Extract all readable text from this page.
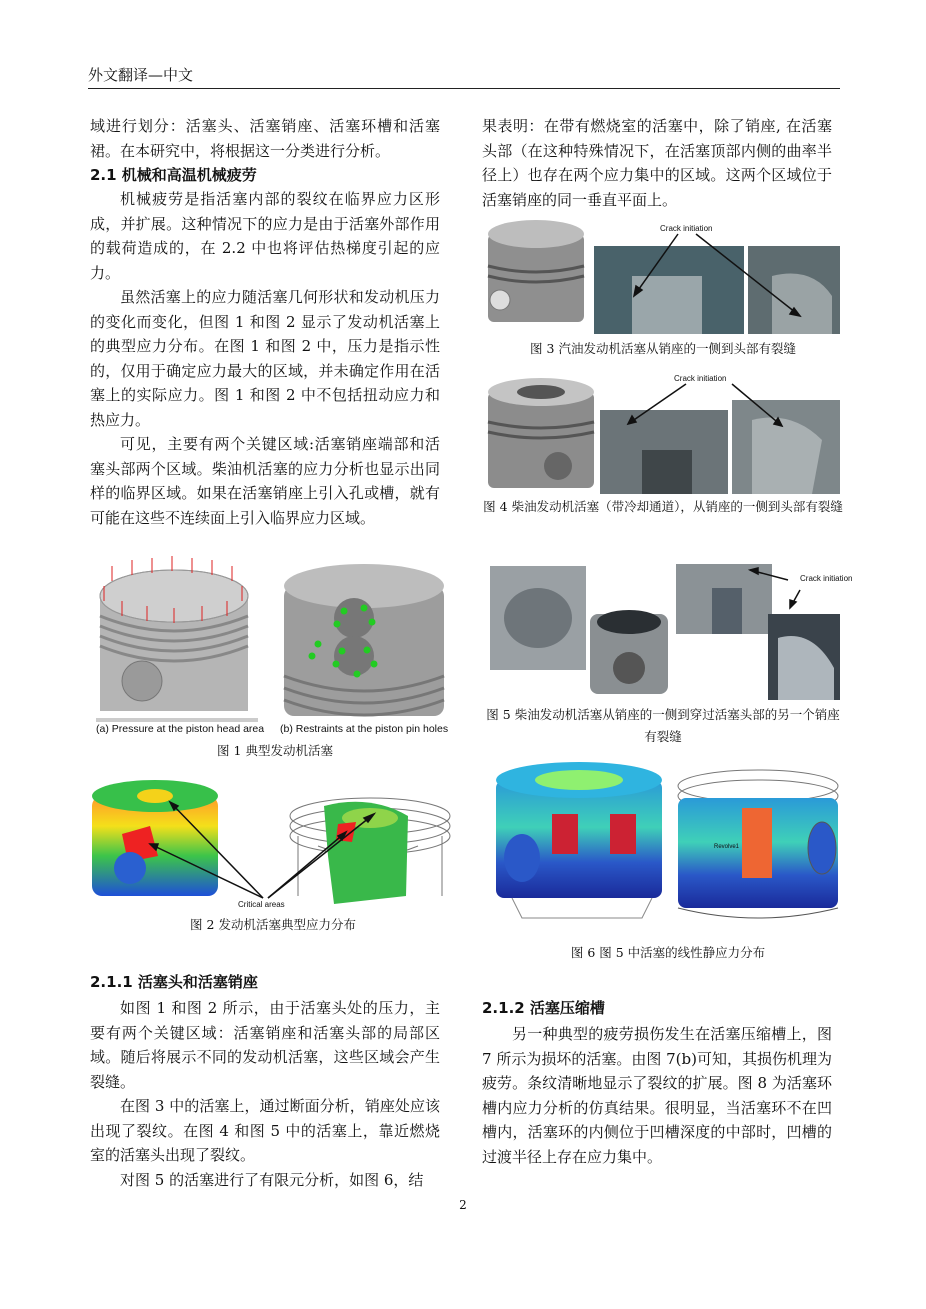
外文翻译—中文

域进行划分：活塞头、活塞销座、活塞环槽和活塞裙。在本研究中，将根据这一分类进行分析。

2.1 机械和高温机械疲劳

机械疲劳是指活塞内部的裂纹在临界应力区形成，并扩展。这种情况下的应力是由于活塞外部作用的载荷造成的，在 2.2 中也将评估热梯度引起的应力。

虽然活塞上的应力随活塞几何形状和发动机压力的变化而变化，但图 1 和图 2 显示了发动机活塞上的典型应力分布。在图 1 和图 2 中，压力是指示性的，仅用于确定应力最大的区域，并未确定作用在活塞上的实际应力。图 1 和图 2 中不包括扭动应力和热应力。

可见，主要有两个关键区域:活塞销座端部和活塞头部两个区域。柴油机活塞的应力分析也显示出同样的临界区域。如果在活塞销座上引入孔或槽，就有可能在这些不连续面上引入临界应力区域。

(a) Pressure at the piston head area (b) Restraints at the piston pin holes
图 1 典型发动机活塞
Critical areas
图 2 发动机活塞典型应力分布
2.1.1 活塞头和活塞销座

如图 1 和图 2 所示，由于活塞头处的压力，主要有两个关键区域：活塞销座和活塞头部的局部区域。随后将展示不同的发动机活塞，这些区域会产生裂缝。

在图 3 中的活塞上，通过断面分析，销座处应该出现了裂纹。在图 4 和图 5 中的活塞上，靠近燃烧室的活塞头出现了裂纹。

对图 5 的活塞进行了有限元分析，如图 6，结

果表明：在带有燃烧室的活塞中，除了销座, 在活塞头部（在这种特殊情况下，在活塞顶部内侧的曲率半径上）也存在两个应力集中的区域。这两个区域位于活塞销座的同一垂直平面上。

Crack initiation
图 3 汽油发动机活塞从销座的一侧到头部有裂缝
Crack initiation
图 4 柴油发动机活塞（带冷却通道），从销座的一侧到头部有裂缝
Crack initiation
图 5 柴油发动机活塞从销座的一侧到穿过活塞头部的另一个销座有裂缝
Revolve1
图 6 图 5 中活塞的线性静应力分布
2.1.2 活塞压缩槽

另一种典型的疲劳损伤发生在活塞压缩槽上，图 7 所示为损坏的活塞。由图 7(b)可知，其损伤机理为疲劳。条纹清晰地显示了裂纹的扩展。图 8 为活塞环槽内应力分析的仿真结果。很明显，当活塞环不在凹槽内，活塞环的内侧位于凹槽深度的中部时，凹槽的过渡半径上存在应力集中。

2
